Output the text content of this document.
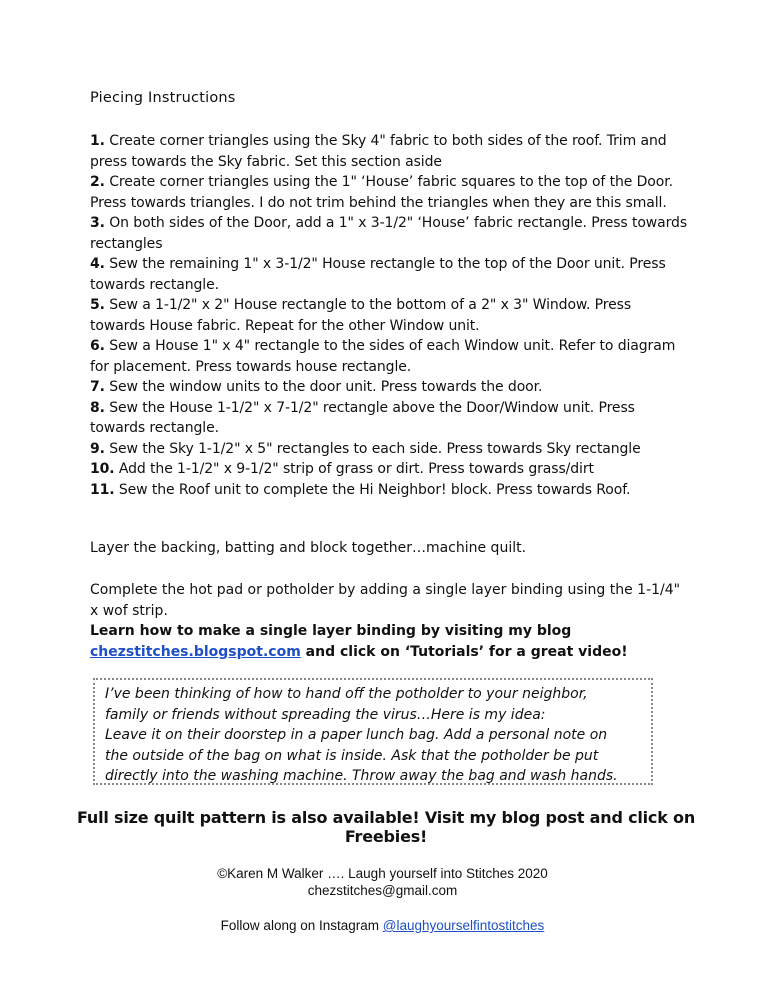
Piecing Instructions

1. Create corner triangles using the Sky 4" fabric to both sides of the roof. Trim and press towards the Sky fabric. Set this section aside

2. Create corner triangles using the 1" ‘House’ fabric squares to the top of the Door. Press towards triangles. I do not trim behind the triangles when they are this small.

3. On both sides of the Door, add a 1" x 3-1/2" ‘House’ fabric rectangle. Press towards rectangles

4. Sew the remaining 1" x 3-1/2" House rectangle to the top of the Door unit. Press towards rectangle.

5. Sew a 1-1/2" x 2" House rectangle to the bottom of a 2" x 3" Window. Press towards House fabric. Repeat for the other Window unit.

6. Sew a House 1" x 4" rectangle to the sides of each Window unit. Refer to diagram for placement. Press towards house rectangle.

7. Sew the window units to the door unit. Press towards the door.

8. Sew the House 1-1/2" x 7-1/2" rectangle above the Door/Window unit. Press towards rectangle.

9. Sew the Sky 1-1/2" x 5" rectangles to each side. Press towards Sky rectangle

10. Add the 1-1/2" x 9-1/2" strip of grass or dirt. Press towards grass/dirt

11. Sew the Roof unit to complete the Hi Neighbor! block. Press towards Roof.

Layer the backing, batting and block together…machine quilt.
Complete the hot pad or potholder by adding a single layer binding using the 1-1/4" x wof strip.
Learn how to make a single layer binding by visiting my blog
chezstitches.blogspot.com and click on ‘Tutorials’ for a great video!
I’ve been thinking of how to hand off the potholder to your neighbor,
family or friends without spreading the virus…Here is my idea:
Leave it on their doorstep in a paper lunch bag. Add a personal note on
the outside of the bag on what is inside. Ask that the potholder be put
directly into the washing machine. Throw away the bag and wash hands.
Full size quilt pattern is also available! Visit my blog post and click on Freebies!
©Karen M Walker …. Laugh yourself into Stitches 2020
chezstitches@gmail.com
Follow along on Instagram @laughyourselfintostitches
